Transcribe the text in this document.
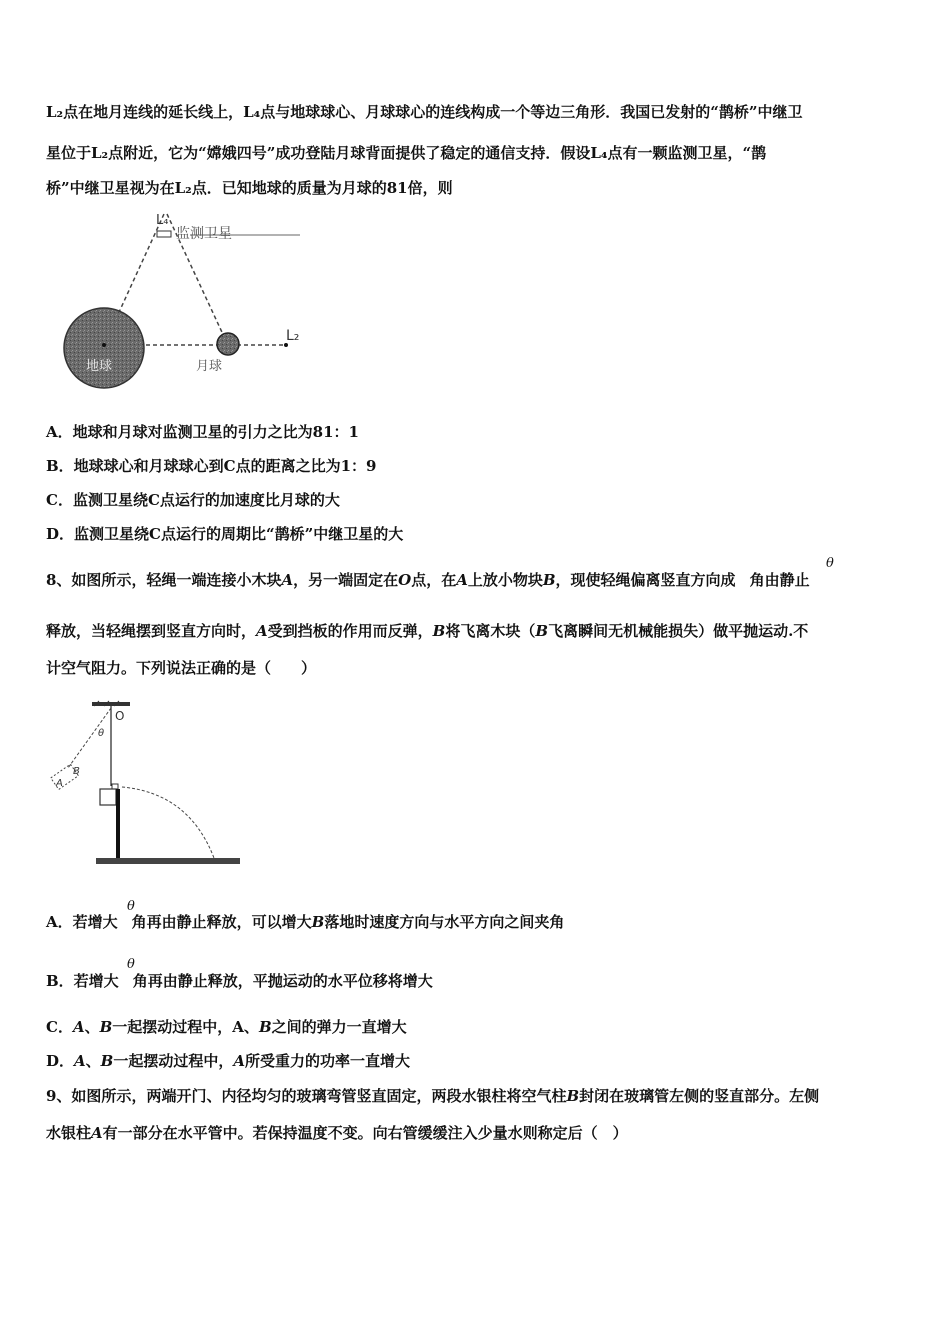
L₂点在地月连线的延长线上，L₄点与地球球心、月球球心的连线构成一个等边三角形．我国已发射的“鹊桥”中继卫
星位于L₂点附近，它为“嫦娥四号”成功登陆月球背面提供了稳定的通信支持．假设L₄点有一颗监测卫星，“鹊
桥”中继卫星视为在L₂点．已知地球的质量为月球的81倍，则
L₄
监测卫星
地球	月球
L₂
A．地球和月球对监测卫星的引力之比为81：1
B．地球球心和月球球心到C点的距离之比为1：9
C．监测卫星绕C点运行的加速度比月球的大
D．监测卫星绕C点运行的周期比“鹊桥”中继卫星的大
θ
8、如图所示，轻绳一端连接小木块A，另一端固定在O点，在A上放小物块B，现使轻绳偏离竖直方向成 角由静止
释放，当轻绳摆到竖直方向时，A受到挡板的作用而反弹，B将飞离木块（B飞离瞬间无机械能损失）做平抛运动.不
计空气阻力。下列说法正确的是（　　）
O
θ
A
B
θ
A．若增大 角再由静止释放，可以增大B落地时速度方向与水平方向之间夹角
θ
B．若增大 角再由静止释放，平抛运动的水平位移将增大
C．A、B一起摆动过程中，A、B之间的弹力一直增大
D．A、B一起摆动过程中，A所受重力的功率一直增大
9、如图所示，两端开门、内径均匀的玻璃弯管竖直固定，两段水银柱将空气柱B封闭在玻璃管左侧的竖直部分。左侧
水银柱A有一部分在水平管中。若保持温度不变。向右管缓缓注入少量水则称定后（　）
